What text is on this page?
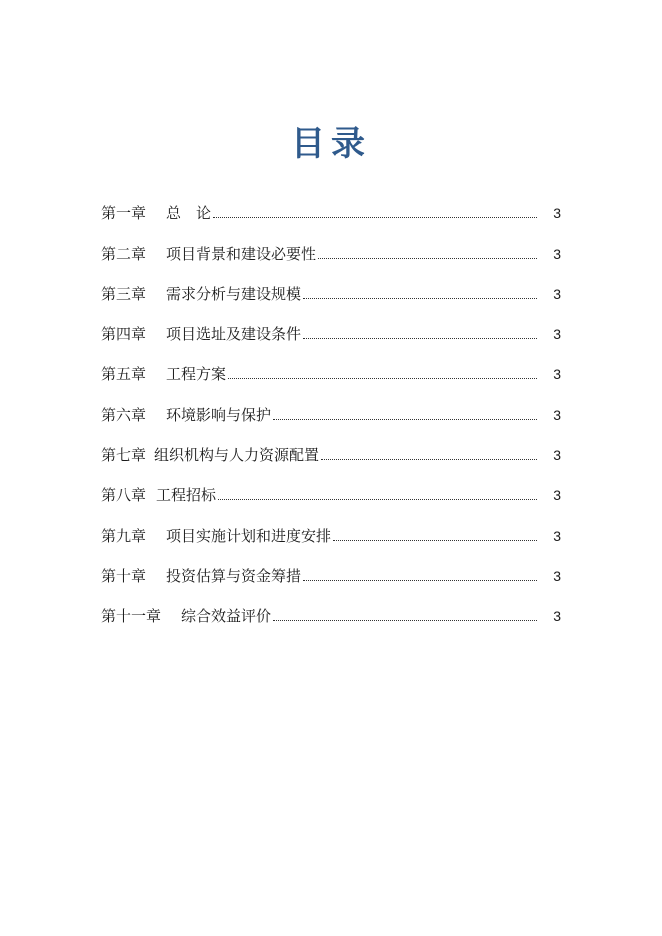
目录
第一章 总　论	3
第二章 项目背景和建设必要性	3
第三章 需求分析与建设规模	3
第四章 项目选址及建设条件	3
第五章 工程方案	3
第六章 环境影响与保护	3
第七章 组织机构与人力资源配置	3
第八章 工程招标	3
第九章 项目实施计划和进度安排	3
第十章 投资估算与资金筹措	3
第十一章 综合效益评价	3
